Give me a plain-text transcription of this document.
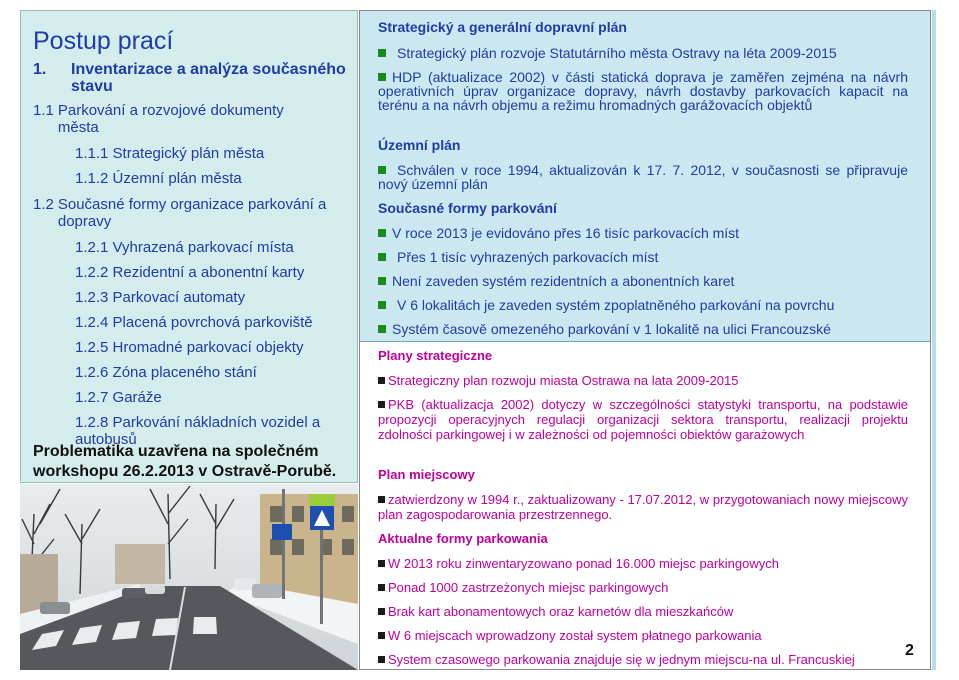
Postup prací
1.	Inventarizace a analýza současného stavu
1.1 Parkování a rozvojové dokumenty města
1.1.1 Strategický plán města
1.1.2 Územní plán města
1.2 Současné formy organizace parkování a dopravy
1.2.1 Vyhrazená parkovací místa
1.2.2 Rezidentní a abonentní karty
1.2.3 Parkovací automaty
1.2.4 Placená povrchová parkoviště
1.2.5 Hromadné parkovací objekty
1.2.6 Zóna placeného stání
1.2.7 Garáže
1.2.8 Parkování nákladních vozidel a autobusů
Problematika uzavřena na společném workshopu 26.2.2013 v Ostravě-Porubě.
Strategický a generální dopravní plán
Strategický plán rozvoje Statutárního města Ostravy na léta 2009-2015
HDP (aktualizace 2002) v části statická doprava je zaměřen zejména na návrh operativních úprav organizace dopravy, návrh dostavby parkovacích kapacit na terénu a na návrh objemu a režimu hromadných garážovacích objektů
Územní plán
Schválen v roce 1994, aktualizován k 17. 7. 2012, v současnosti se připravuje nový územní plán
Současné formy parkování
V roce 2013 je evidováno přes 16 tisíc parkovacích míst
Přes 1 tisíc vyhrazených parkovacích míst
Není zaveden systém rezidentních a abonentních karet
V 6 lokalitách je zaveden systém zpoplatněného parkování na povrchu
Systém časově omezeného parkování v 1 lokalitě na ulici Francouzské
Plany strategiczne
Strategiczny plan rozwoju miasta Ostrawa na lata 2009-2015
PKB (aktualizacja 2002) dotyczy w szczególności statystyki transportu, na podstawie propozycji operacyjnych regulacji organizacji sektora transportu, realizacji projektu zdolności parkingowej i w zależności od pojemności obiektów garażowych
Plan miejscowy
zatwierdzony w 1994 r., zaktualizowany - 17.07.2012, w przygotowaniach nowy miejscowy plan zagospodarowania przestrzennego.
Aktualne formy parkowania
W 2013 roku zinwentaryzowano ponad 16.000 miejsc parkingowych
Ponad 1000 zastrzeżonych miejsc parkingowych
Brak kart abonamentowych oraz karnetów dla mieszkańców
W 6 miejscach wprowadzony został system płatnego parkowania
System czasowego parkowania znajduje się w jednym miejscu-na ul. Francuskiej
2
